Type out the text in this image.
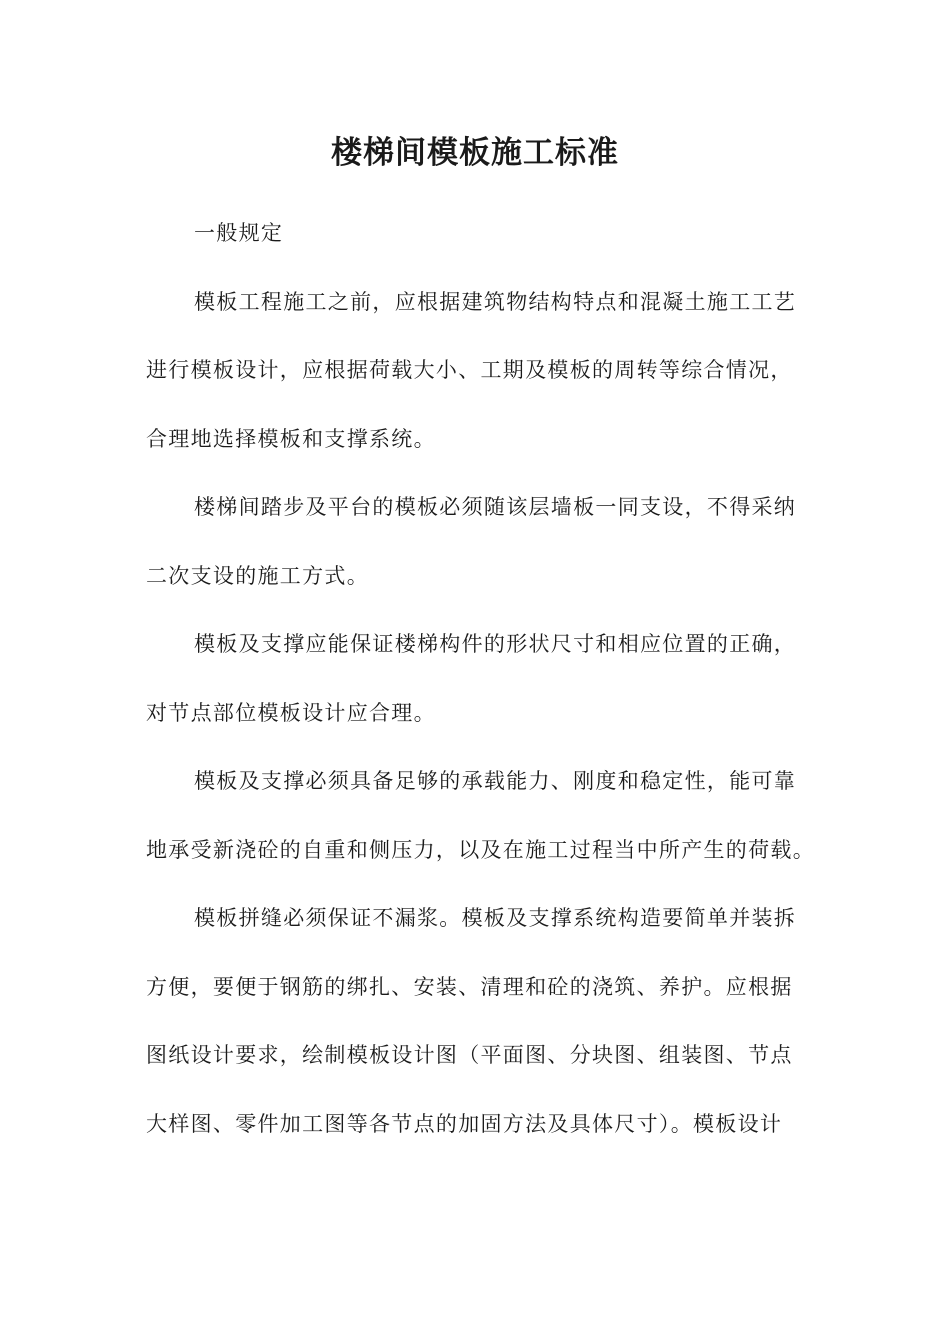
楼梯间模板施工标准

一般规定

模板工程施工之前，应根据建筑物结构特点和混凝土施工工艺
进行模板设计，应根据荷载大小、工期及模板的周转等综合情况，
合理地选择模板和支撑系统。

楼梯间踏步及平台的模板必须随该层墙板一同支设，不得采纳
二次支设的施工方式。

模板及支撑应能保证楼梯构件的形状尺寸和相应位置的正确，
对节点部位模板设计应合理。

模板及支撑必须具备足够的承载能力、刚度和稳定性，能可靠
地承受新浇砼的自重和侧压力，以及在施工过程当中所产生的荷载。

模板拼缝必须保证不漏浆。模板及支撑系统构造要简单并装拆
方便，要便于钢筋的绑扎、安装、清理和砼的浇筑、养护。应根据
图纸设计要求，绘制模板设计图（平面图、分块图、组装图、节点
大样图、零件加工图等各节点的加固方法及具体尺寸）。模板设计
